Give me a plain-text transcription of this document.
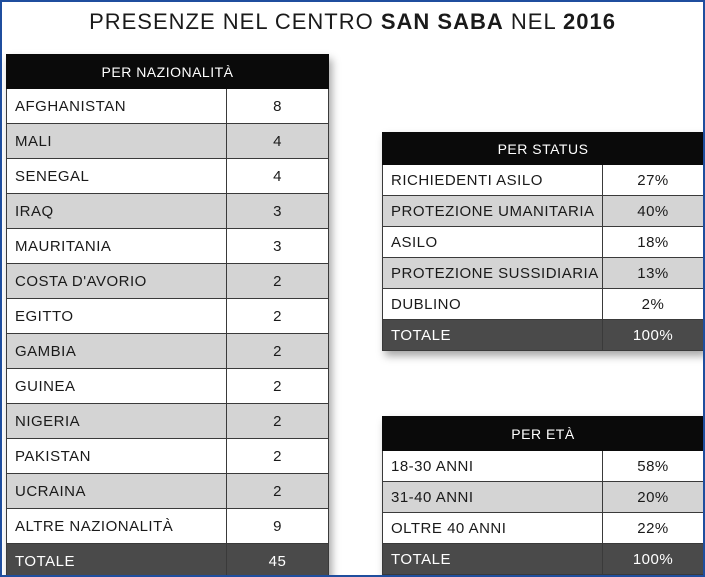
PRESENZE NEL CENTRO SAN SABA NEL 2016
PER NAZIONALITÀ	
AFGHANISTAN	8
MALI	4
SENEGAL	4
IRAQ	3
MAURITANIA	3
COSTA D'AVORIO	2
EGITTO	2
GAMBIA	2
GUINEA	2
NIGERIA	2
PAKISTAN	2
UCRAINA	2
ALTRE NAZIONALITÀ	9
TOTALE	45
PER STATUS	
RICHIEDENTI ASILO	27%
PROTEZIONE UMANITARIA	40%
ASILO	18%
PROTEZIONE SUSSIDIARIA	13%
DUBLINO	2%
TOTALE	100%
PER ETÀ	
18-30 ANNI	58%
31-40 ANNI	20%
OLTRE 40 ANNI	22%
TOTALE	100%
